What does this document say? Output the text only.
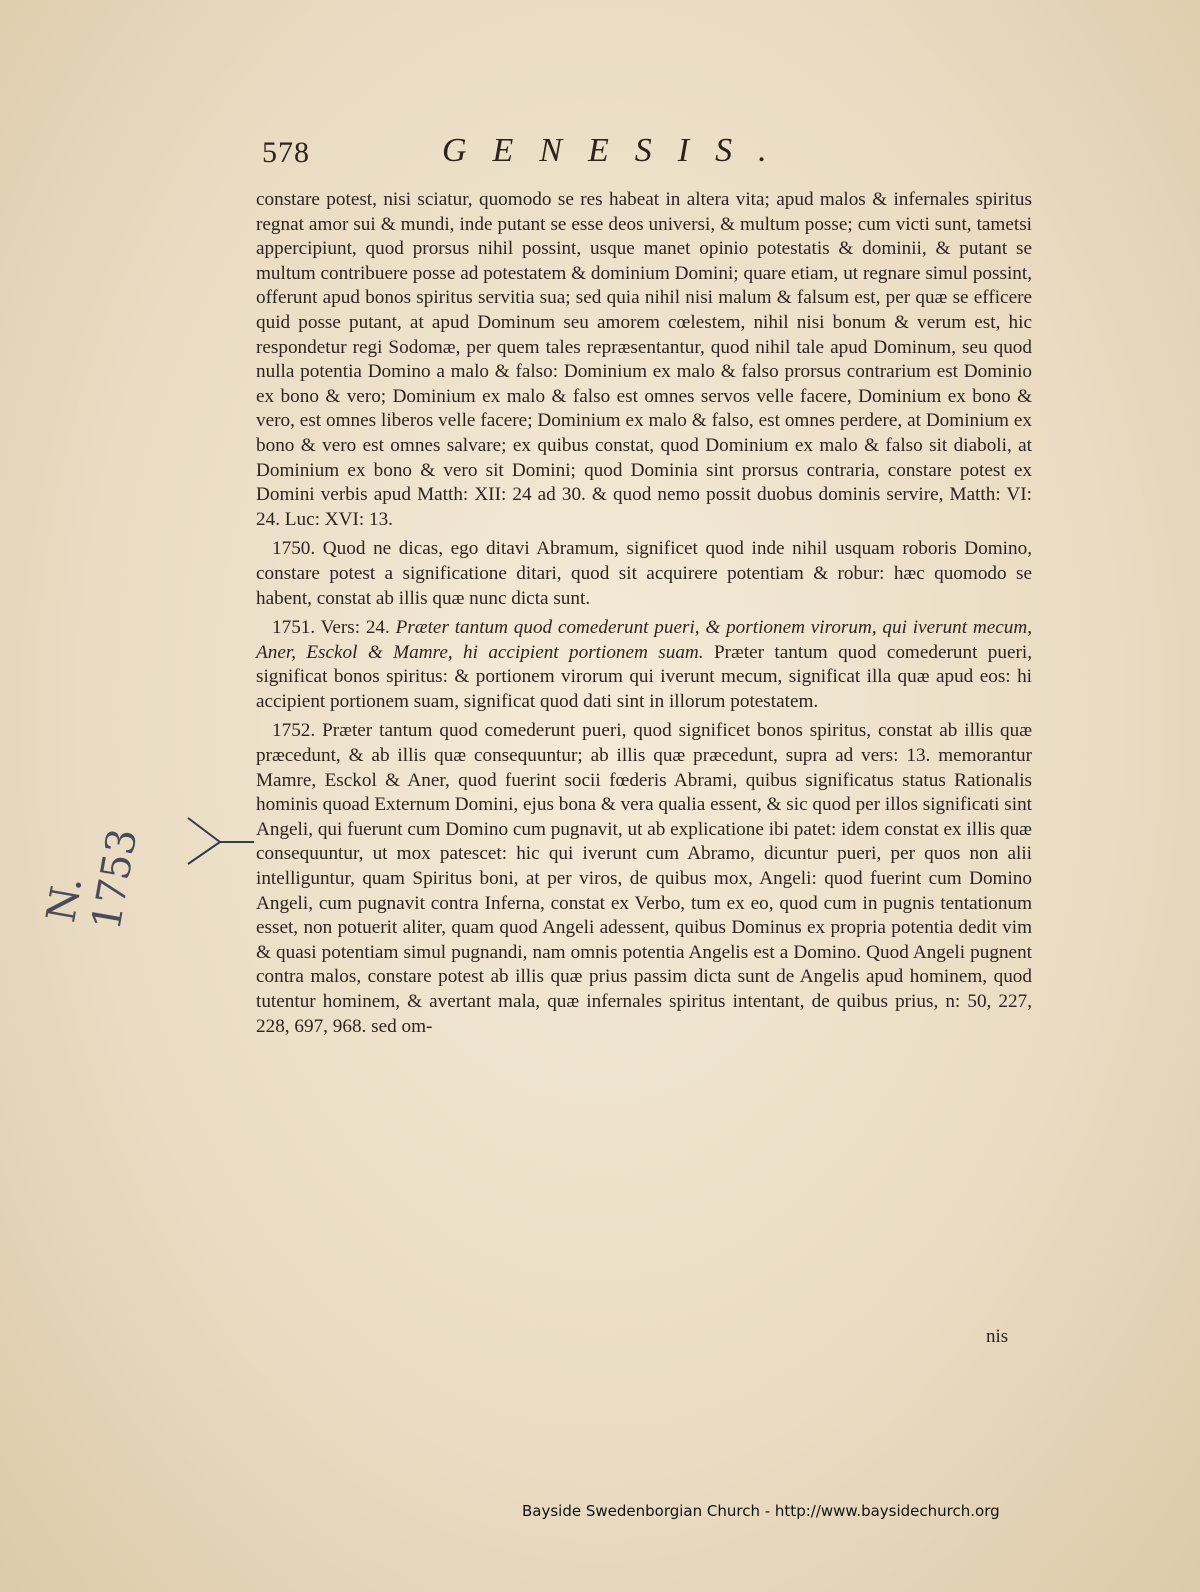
578	GENESIS.

constare potest, nisi sciatur, quomodo se res habeat in altera vita; apud malos & infernales spiritus regnat amor sui & mundi, inde putant se esse deos universi, & multum posse; cum victi sunt, tametsi appercipiunt, quod prorsus nihil possint, usque manet opinio potestatis & dominii, & putant se multum contribuere posse ad potestatem & dominium Domini; quare etiam, ut regnare simul possint, offerunt apud bonos spiritus servitia sua; sed quia nihil nisi malum & falsum est, per quæ se efficere quid posse putant, at apud Dominum seu amorem cœlestem, nihil nisi bonum & verum est, hic respondetur regi Sodomæ, per quem tales repræsentantur, quod nihil tale apud Dominum, seu quod nulla potentia Domino a malo & falso: Dominium ex malo & falso prorsus contrarium est Dominio ex bono & vero; Dominium ex malo & falso est omnes servos velle facere, Dominium ex bono & vero, est omnes liberos velle facere; Dominium ex malo & falso, est omnes perdere, at Dominium ex bono & vero est omnes salvare; ex quibus constat, quod Dominium ex malo & falso sit diaboli, at Dominium ex bono & vero sit Domini; quod Dominia sint prorsus contraria, constare potest ex Domini verbis apud Matth: XII: 24 ad 30. & quod nemo possit duobus dominis servire, Matth: VI: 24. Luc: XVI: 13.

1750. Quod ne dicas, ego ditavi Abramum, significet quod inde nihil usquam roboris Domino, constare potest a significatione ditari, quod sit acquirere potentiam & robur: hæc quomodo se habent, constat ab illis quæ nunc dicta sunt.

1751. Vers: 24. Præter tantum quod comederunt pueri, & portionem virorum, qui iverunt mecum, Aner, Esckol & Mamre, hi accipient portionem suam. Præter tantum quod comederunt pueri, significat bonos spiritus: & portionem virorum qui iverunt mecum, significat illa quæ apud eos: hi accipient portionem suam, significat quod dati sint in illorum potestatem.

1752. Præter tantum quod comederunt pueri, quod significet bonos spiritus, constat ab illis quæ præcedunt, & ab illis quæ consequuntur; ab illis quæ præcedunt, supra ad vers: 13. memorantur Mamre, Esckol & Aner, quod fuerint socii fœderis Abrami, quibus significatus status Rationalis hominis quoad Externum Domini, ejus bona & vera qualia essent, & sic quod per illos significati sint Angeli, qui fuerunt cum Domino cum pugnavit, ut ab explicatione ibi patet: idem constat ex illis quæ consequuntur, ut mox patescet: hic qui iverunt cum Abramo, dicuntur pueri, per quos non alii intelliguntur, quam Spiritus boni, at per viros, de quibus mox, Angeli: quod fuerint cum Domino Angeli, cum pugnavit contra Inferna, constat ex Verbo, tum ex eo, quod cum in pugnis tentationum esset, non potuerit aliter, quam quod Angeli adessent, quibus Dominus ex propria potentia dedit vim & quasi potentiam simul pugnandi, nam omnis potentia Angelis est a Domino. Quod Angeli pugnent contra malos, constare potest ab illis quæ prius passim dicta sunt de Angelis apud hominem, quod tutentur hominem, & avertant mala, quæ infernales spiritus intentant, de quibus prius, n: 50, 227, 228, 697, 968. sed om-

nis
N. 1753
Bayside Swedenborgian Church - http://www.baysidechurch.org
